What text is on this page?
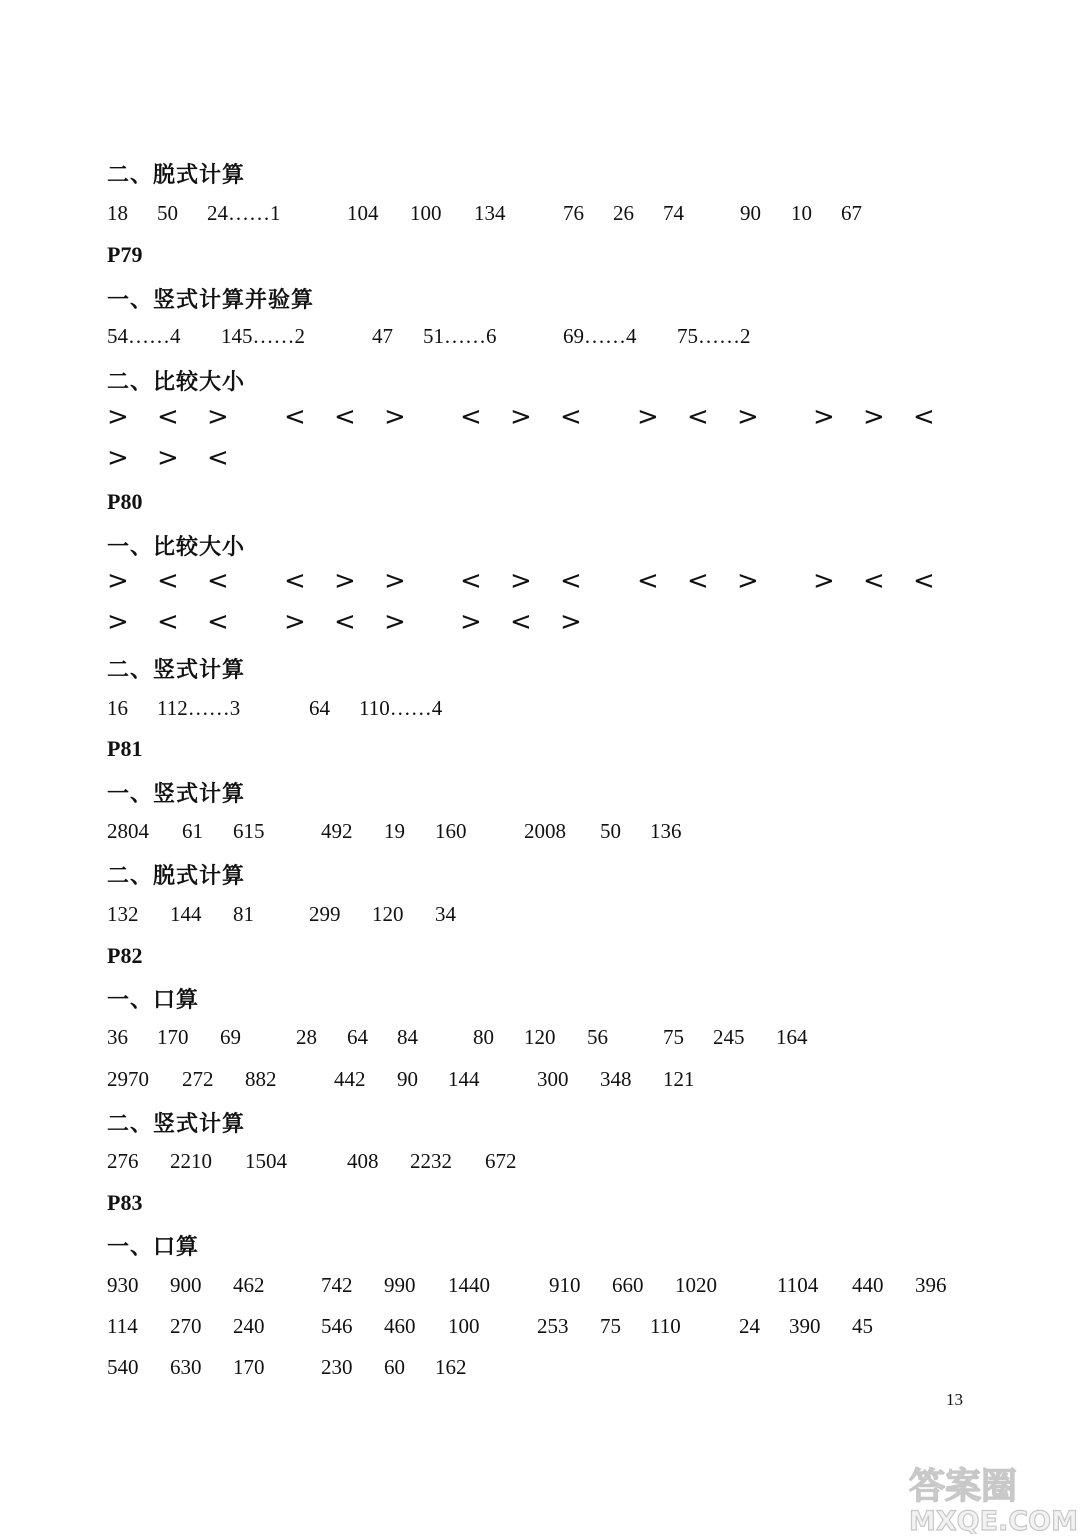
二、脱式计算
18 50 24……1	104 100 134	76 26 74	90 10 67
P79
一、竖式计算并验算
54……4 145……2	47 51……6	69……4 75……2
二、比较大小
> < > < < > < > < > < > > > <
> > <
P80
一、比较大小
> < < < > > < > < < < > > < <
> < < > < > > < >
二、竖式计算
16 112……3	64 110……4
P81
一、竖式计算
2804 61 615	492 19 160	2008 50 136
二、脱式计算
132 144 81	299 120 34
P82
一、口算
36 170 69	28 64 84	80 120 56	75 245 164
2970 272 882	442 90 144	300 348 121
二、竖式计算
276 2210 1504	408 2232 672
P83
一、口算
930 900 462	742 990 1440	910 660 1020	1104 440 396
114 270 240	546 460 100	253 75 110	24 390 45
540 630 170	230 60 162
13
答案圈
MXQE.COM
